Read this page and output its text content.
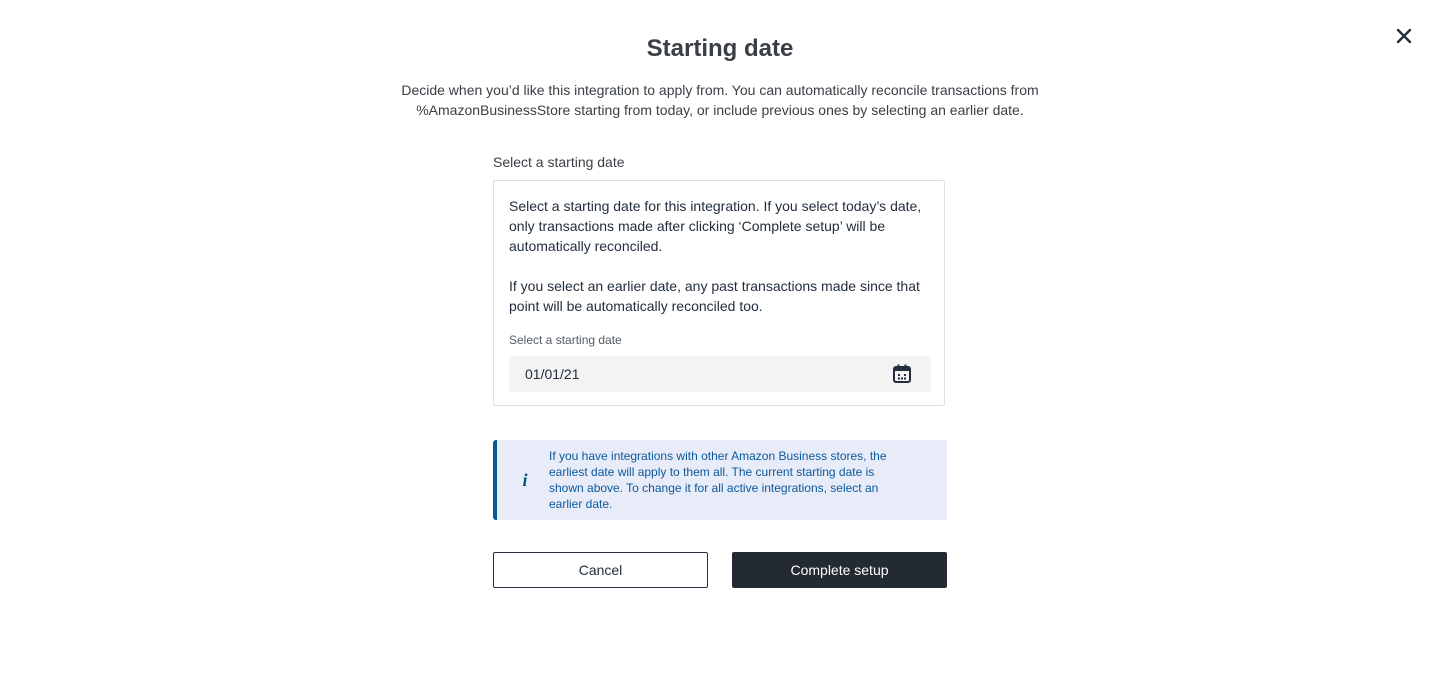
Starting date

Decide when you’d like this integration to apply from. You can automatically reconcile transactions from %AmazonBusinessStore starting from today, or include previous ones by selecting an earlier date.

Select a starting date

Select a starting date for this integration. If you select today’s date, only transactions made after clicking ‘Complete setup’ will be automatically reconciled.

If you select an earlier date, any past transactions made since that point will be automatically reconciled too.

Select a starting date
01/01/21
i

If you have integrations with other Amazon Business stores, the earliest date will apply to them all. The current starting date is shown above. To change it for all active integrations, select an earlier date.

Cancel	Complete setup
